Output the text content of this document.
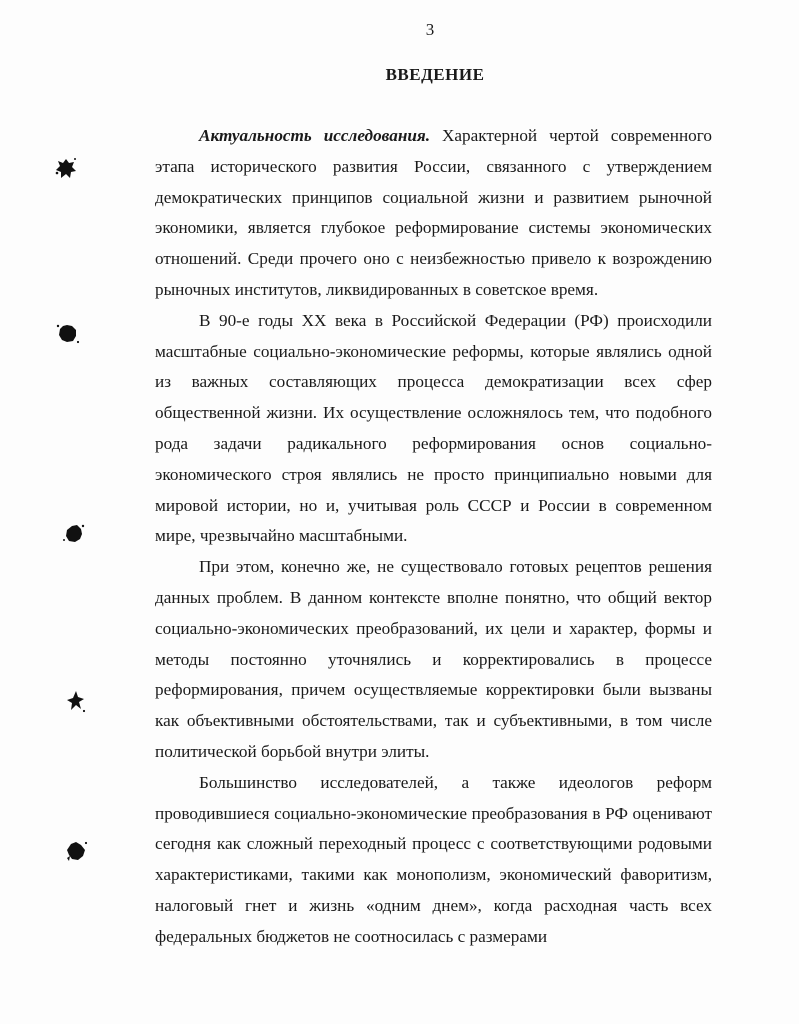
3
ВВЕДЕНИЕ

Актуальность исследования. Характерной чертой современного этапа исторического развития России, связанного с утверждением демократических принципов социальной жизни и развитием рыночной экономики, является глубокое реформирование системы экономических отношений. Среди прочего оно с неизбежностью привело к возрождению рыночных институтов, ликвидированных в советское время.

В 90-е годы ХХ века в Российской Федерации (РФ) происходили масштабные социально-экономические реформы, которые являлись одной из важных составляющих процесса демократизации всех сфер общественной жизни. Их осуществление осложнялось тем, что подобного рода задачи радикального реформирования основ социально-экономического строя являлись не просто принципиально новыми для мировой истории, но и, учитывая роль СССР и России в современном мире, чрезвычайно масштабными.

При этом, конечно же, не существовало готовых рецептов решения данных проблем. В данном контексте вполне понятно, что общий вектор социально-экономических преобразований, их цели и характер, формы и методы постоянно уточнялись и корректировались в процессе реформирования, причем осуществляемые корректировки были вызваны как объективными обстоятельствами, так и субъективными, в том числе политической борьбой внутри элиты.

Большинство исследователей, а также идеологов реформ проводившиеся социально-экономические преобразования в РФ оценивают сегодня как сложный переходный процесс с соответствующими родовыми характеристиками, такими как монополизм, экономический фаворитизм, налоговый гнет и жизнь «одним днем», когда расходная часть всех федеральных бюджетов не соотносилась с размерами
